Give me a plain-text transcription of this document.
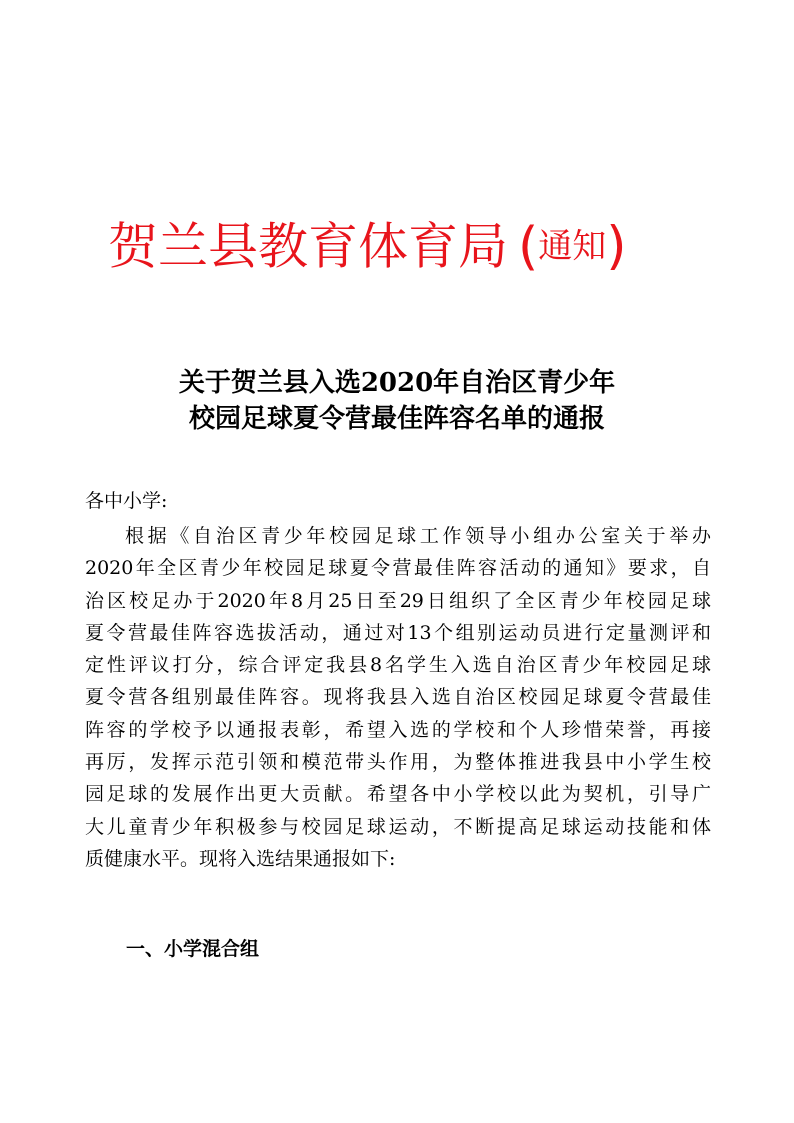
贺兰县教育体育局 (通知)
关于贺兰县入选2020年自治区青少年
校园足球夏令营最佳阵容名单的通报
各中小学:
根据《自治区青少年校园足球工作领导小组办公室关于举办
2020年全区青少年校园足球夏令营最佳阵容活动的通知》要求，自
治区校足办于2020年8月25日至29日组织了全区青少年校园足球
夏令营最佳阵容选拔活动，通过对13个组别运动员进行定量测评和
定性评议打分，综合评定我县8名学生入选自治区青少年校园足球
夏令营各组别最佳阵容。现将我县入选自治区校园足球夏令营最佳
阵容的学校予以通报表彰，希望入选的学校和个人珍惜荣誉，再接
再厉，发挥示范引领和模范带头作用，为整体推进我县中小学生校
园足球的发展作出更大贡献。希望各中小学校以此为契机，引导广
大儿童青少年积极参与校园足球运动，不断提高足球运动技能和体
质健康水平。现将入选结果通报如下:
一、小学混合组
